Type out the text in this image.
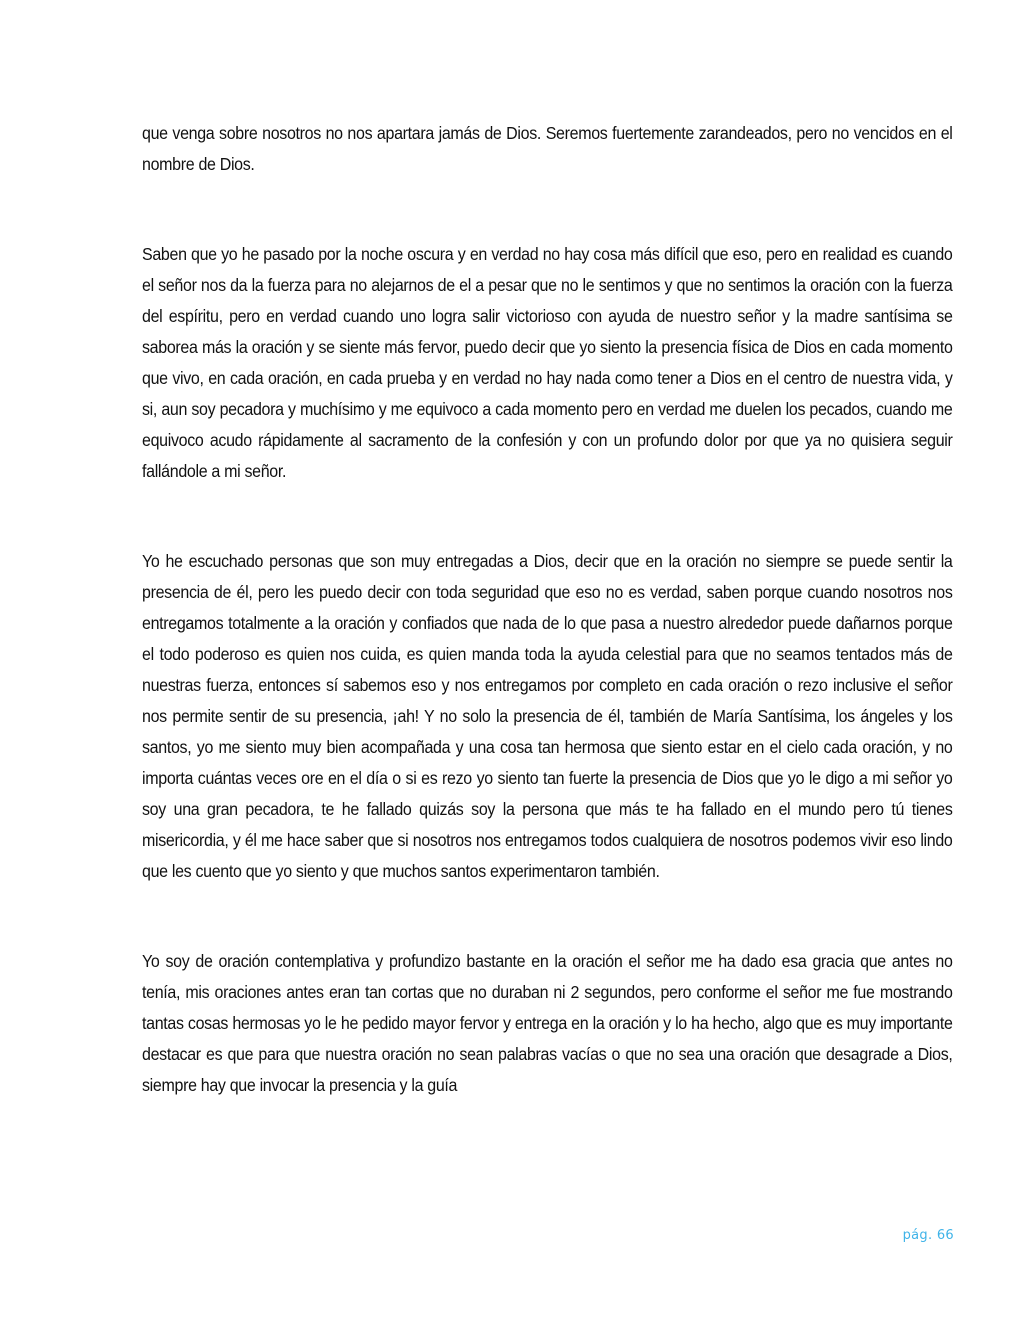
que venga sobre nosotros no nos apartara jamás de Dios. Seremos fuertemente zarandeados, pero no vencidos en el nombre de Dios.

Saben que yo he pasado por la noche oscura y en verdad no hay cosa más difícil que eso, pero en realidad es cuando el señor nos da la fuerza para no alejarnos de el a pesar que no le sentimos y que no sentimos la oración con la fuerza del espíritu, pero en verdad cuando uno logra salir victorioso con ayuda de nuestro señor y la madre santísima se saborea más la oración y se siente más fervor, puedo decir que yo siento la presencia física de Dios en cada momento que vivo, en cada oración, en cada prueba y en verdad no hay nada como tener a Dios en el centro de nuestra vida, y si, aun soy pecadora y muchísimo y me equivoco a cada momento pero en verdad me duelen los pecados, cuando me equivoco acudo rápidamente al sacramento de la confesión y con un profundo dolor por que ya no quisiera seguir fallándole a mi señor.

Yo he escuchado personas que son muy entregadas a Dios, decir que en la oración no siempre se puede sentir la presencia de él, pero les puedo decir con toda seguridad que eso no es verdad, saben porque cuando nosotros nos entregamos totalmente a la oración y confiados que nada de lo que pasa a nuestro alrededor puede dañarnos porque el todo poderoso es quien nos cuida, es quien manda toda la ayuda celestial para que no seamos tentados más de nuestras fuerza, entonces sí sabemos eso y nos entregamos por completo en cada oración o rezo inclusive el señor nos permite sentir de su presencia, ¡ah! Y no solo la presencia de él, también de María Santísima, los ángeles y los santos, yo me siento muy bien acompañada y una cosa tan hermosa que siento estar en el cielo cada oración, y no importa cuántas veces ore en el día o si es rezo yo siento tan fuerte la presencia de Dios que yo le digo a mi señor yo soy una gran pecadora, te he fallado quizás soy la persona que más te ha fallado en el mundo pero tú tienes misericordia, y él me hace saber que si nosotros nos entregamos todos cualquiera de nosotros podemos vivir eso lindo que les cuento que yo siento y que muchos santos experimentaron también.

Yo soy de oración contemplativa y profundizo bastante en la oración el señor me ha dado esa gracia que antes no tenía, mis oraciones antes eran tan cortas que no duraban ni 2 segundos, pero conforme el señor me fue mostrando tantas cosas hermosas yo le he pedido mayor fervor y entrega en la oración y lo ha hecho, algo que es muy importante destacar es que para que nuestra oración no sean palabras vacías o que no sea una oración que desagrade a Dios, siempre hay que invocar la presencia y la guía

pág. 66
